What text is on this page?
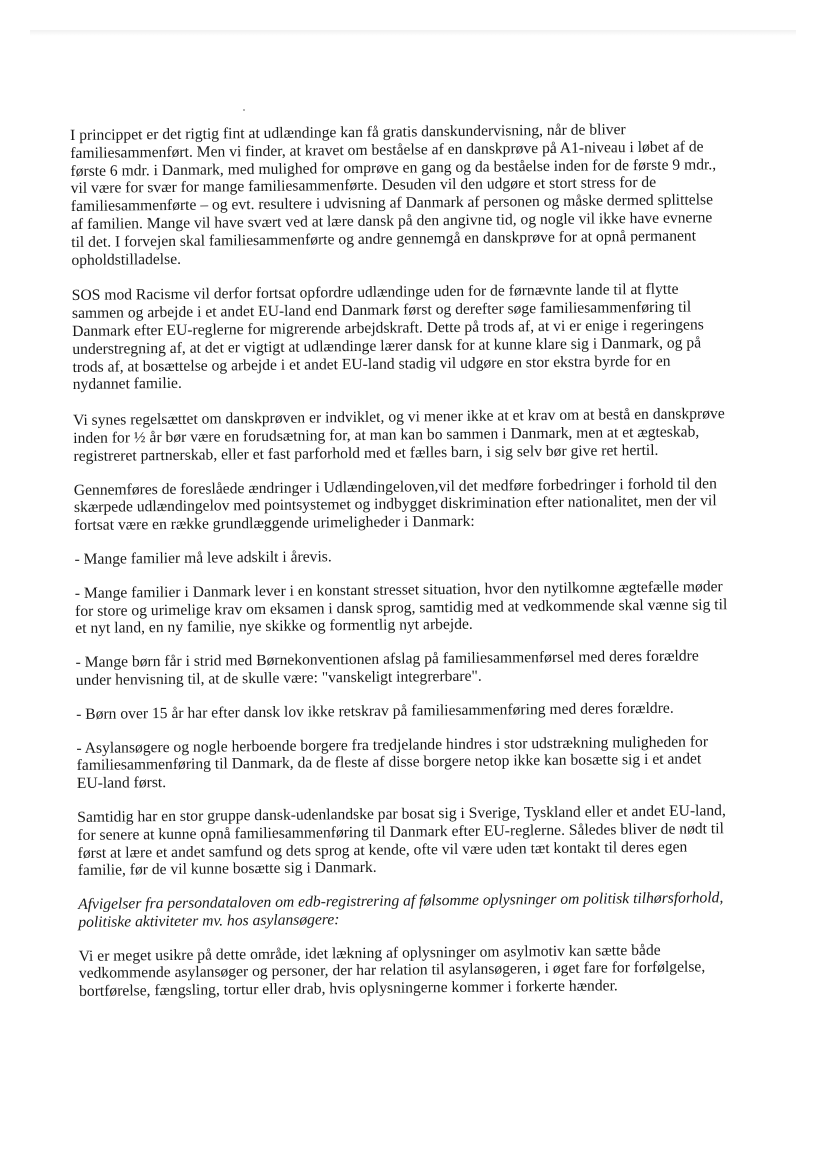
I princippet er det rigtig fint at udlændinge kan få gratis danskundervisning, når de bliver
familiesammenført. Men vi finder, at kravet om beståelse af en danskprøve på A1-niveau i løbet af de
første 6 mdr. i Danmark, med mulighed for omprøve en gang og da beståelse inden for de første 9 mdr.,
vil være for svær for mange familiesammenførte. Desuden vil den udgøre et stort stress for de
familiesammenførte – og evt. resultere i udvisning af Danmark af personen og måske dermed splittelse
af familien. Mange vil have svært ved at lære dansk på den angivne tid, og nogle vil ikke have evnerne
til det. I forvejen skal familiesammenførte og andre gennemgå en danskprøve for at opnå permanent
opholdstilladelse.

SOS mod Racisme vil derfor fortsat opfordre udlændinge uden for de førnævnte lande til at flytte
sammen og arbejde i et andet EU-land end Danmark først og derefter søge familiesammenføring til
Danmark efter EU-reglerne for migrerende arbejdskraft. Dette på trods af, at vi er enige i regeringens
understregning af, at det er vigtigt at udlændinge lærer dansk for at kunne klare sig i Danmark, og på
trods af, at bosættelse og arbejde i et andet EU-land stadig vil udgøre en stor ekstra byrde for en
nydannet familie.

Vi synes regelsættet om danskprøven er indviklet, og vi mener ikke at et krav om at bestå en danskprøve
inden for ½ år bør være en forudsætning for, at man kan bo sammen i Danmark, men at et ægteskab,
registreret partnerskab, eller et fast parforhold med et fælles barn, i sig selv bør give ret hertil.

Gennemføres de foreslåede ændringer i Udlændingeloven,vil det medføre forbedringer i forhold til den
skærpede udlændingelov med pointsystemet og indbygget diskrimination efter nationalitet, men der vil
fortsat være en række grundlæggende urimeligheder i Danmark:

- Mange familier må leve adskilt i årevis.

- Mange familier i Danmark lever i en konstant stresset situation, hvor den nytilkomne ægtefælle møder
for store og urimelige krav om eksamen i dansk sprog, samtidig med at vedkommende skal vænne sig til
et nyt land, en ny familie, nye skikke og formentlig nyt arbejde.

- Mange børn får i strid med Børnekonventionen afslag på familiesammenførsel med deres forældre
under henvisning til, at de skulle være: "vanskeligt integrerbare".

- Børn over 15 år har efter dansk lov ikke retskrav på familiesammenføring med deres forældre.

- Asylansøgere og nogle herboende borgere fra tredjelande hindres i stor udstrækning muligheden for
familiesammenføring til Danmark, da de fleste af disse borgere netop ikke kan bosætte sig i et andet
EU-land først.

Samtidig har en stor gruppe dansk-udenlandske par bosat sig i Sverige, Tyskland eller et andet EU-land,
for senere at kunne opnå familiesammenføring til Danmark efter EU-reglerne. Således bliver de nødt til
først at lære et andet samfund og dets sprog at kende, ofte vil være uden tæt kontakt til deres egen
familie, før de vil kunne bosætte sig i Danmark.

Afvigelser fra persondataloven om edb-registrering af følsomme oplysninger om politisk tilhørsforhold,
politiske aktiviteter mv. hos asylansøgere:

Vi er meget usikre på dette område, idet lækning af oplysninger om asylmotiv kan sætte både
vedkommende asylansøger og personer, der har relation til asylansøgeren, i øget fare for forfølgelse,
bortførelse, fængsling, tortur eller drab, hvis oplysningerne kommer i forkerte hænder.
